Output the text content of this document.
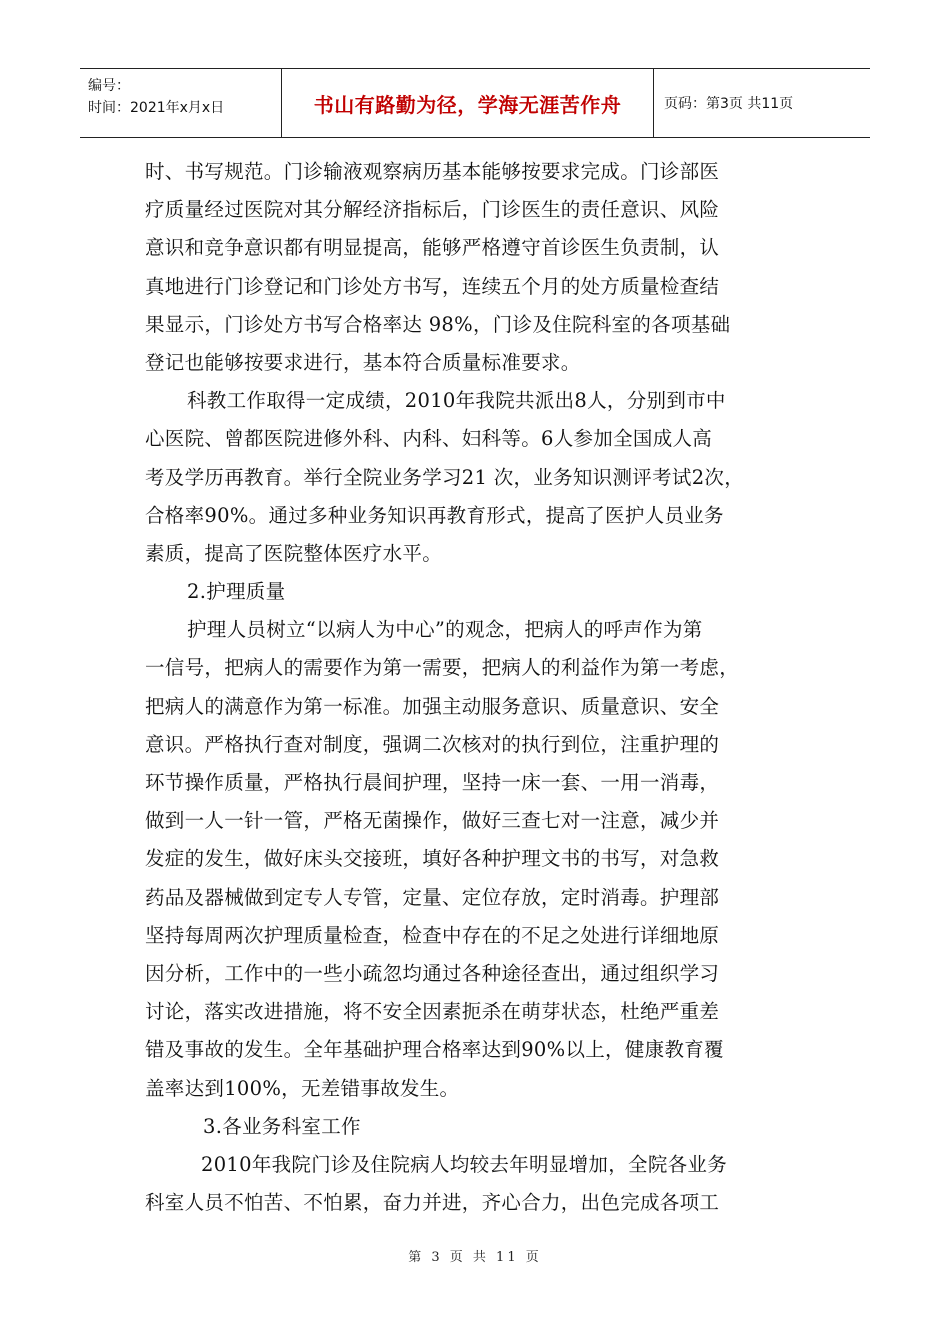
编号：
时间：2021年x月x日	书山有路勤为径，学海无涯苦作舟	页码：第3页 共11页
时、书写规范。门诊输液观察病历基本能够按要求完成。门诊部医
疗质量经过医院对其分解经济指标后，门诊医生的责任意识、风险
意识和竞争意识都有明显提高，能够严格遵守首诊医生负责制，认
真地进行门诊登记和门诊处方书写，连续五个月的处方质量检查结
果显示，门诊处方书写合格率达 98%，门诊及住院科室的各项基础
登记也能够按要求进行，基本符合质量标准要求。
科教工作取得一定成绩，2010年我院共派出8人，分别到市中
心医院、曾都医院进修外科、内科、妇科等。6人参加全国成人高
考及学历再教育。举行全院业务学习21 次，业务知识测评考试2次，
合格率90%。通过多种业务知识再教育形式，提高了医护人员业务
素质，提高了医院整体医疗水平。
2.护理质量
护理人员树立“以病人为中心”的观念，把病人的呼声作为第
一信号，把病人的需要作为第一需要，把病人的利益作为第一考虑，
把病人的满意作为第一标准。加强主动服务意识、质量意识、安全
意识。严格执行查对制度，强调二次核对的执行到位，注重护理的
环节操作质量，严格执行晨间护理，坚持一床一套、一用一消毒，
做到一人一针一管，严格无菌操作，做好三查七对一注意，减少并
发症的发生，做好床头交接班，填好各种护理文书的书写，对急救
药品及器械做到定专人专管，定量、定位存放，定时消毒。护理部
坚持每周两次护理质量检查，检查中存在的不足之处进行详细地原
因分析，工作中的一些小疏忽均通过各种途径查出，通过组织学习
讨论，落实改进措施，将不安全因素扼杀在萌芽状态，杜绝严重差
错及事故的发生。全年基础护理合格率达到90%以上，健康教育覆
盖率达到100%，无差错事故发生。
3.各业务科室工作
2010年我院门诊及住院病人均较去年明显增加，全院各业务
科室人员不怕苦、不怕累，奋力并进，齐心合力，出色完成各项工
第 3 页 共 11 页
